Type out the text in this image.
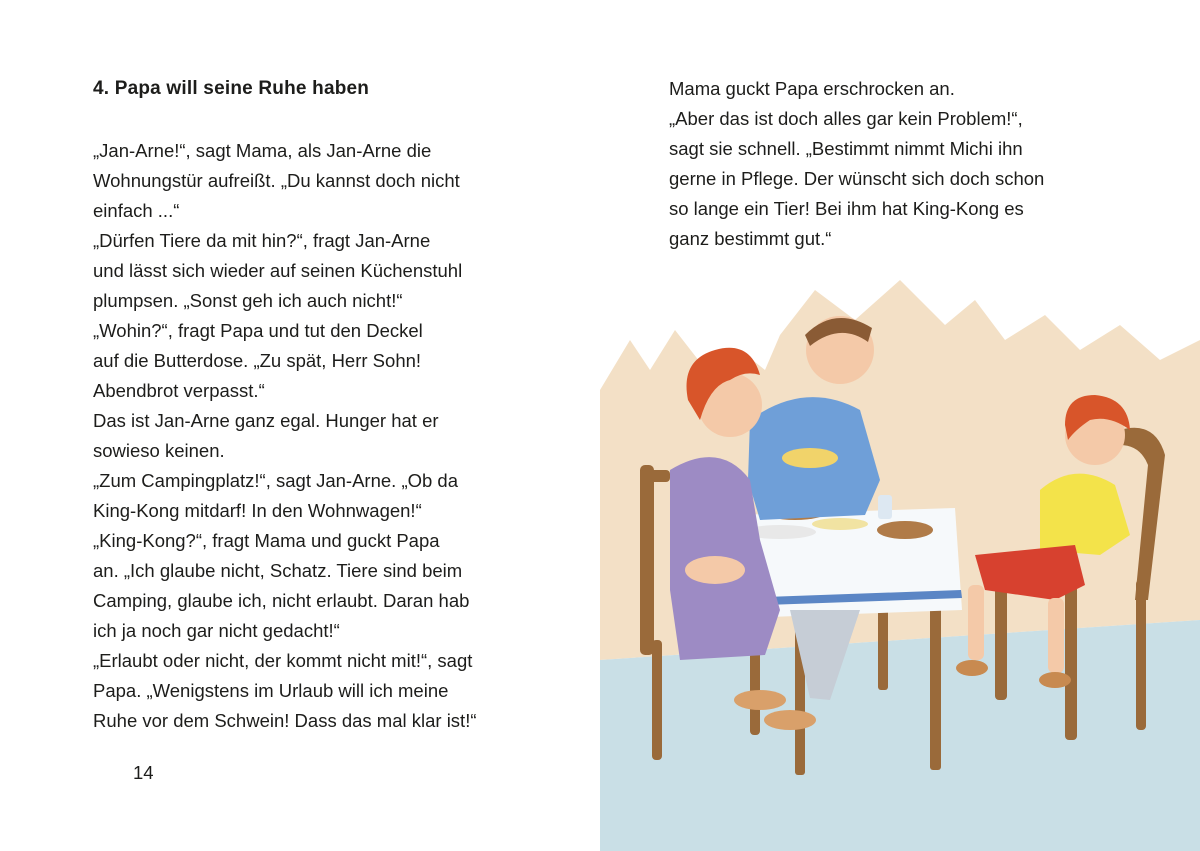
4. Papa will seine Ruhe haben
„Jan-Arne!“, sagt Mama, als Jan-Arne die
Wohnungstür aufreißt. „Du kannst doch nicht
einfach ...“
„Dürfen Tiere da mit hin?“, fragt Jan-Arne
und lässt sich wieder auf seinen Küchenstuhl
plumpsen. „Sonst geh ich auch nicht!“
„Wohin?“, fragt Papa und tut den Deckel
auf die Butterdose. „Zu spät, Herr Sohn!
Abendbrot verpasst.“
Das ist Jan-Arne ganz egal. Hunger hat er
sowieso keinen.
„Zum Campingplatz!“, sagt Jan-Arne. „Ob da
King-Kong mitdarf! In den Wohnwagen!“
„King-Kong?“, fragt Mama und guckt Papa
an. „Ich glaube nicht, Schatz. Tiere sind beim
Camping, glaube ich, nicht erlaubt. Daran hab
ich ja noch gar nicht gedacht!“
„Erlaubt oder nicht, der kommt nicht mit!“, sagt
Papa. „Wenigstens im Urlaub will ich meine
Ruhe vor dem Schwein! Dass das mal klar ist!“
14
Mama guckt Papa erschrocken an.
„Aber das ist doch alles gar kein Problem!“,
sagt sie schnell. „Bestimmt nimmt Michi ihn
gerne in Pflege. Der wünscht sich doch schon
so lange ein Tier! Bei ihm hat King-Kong es
ganz bestimmt gut.“
